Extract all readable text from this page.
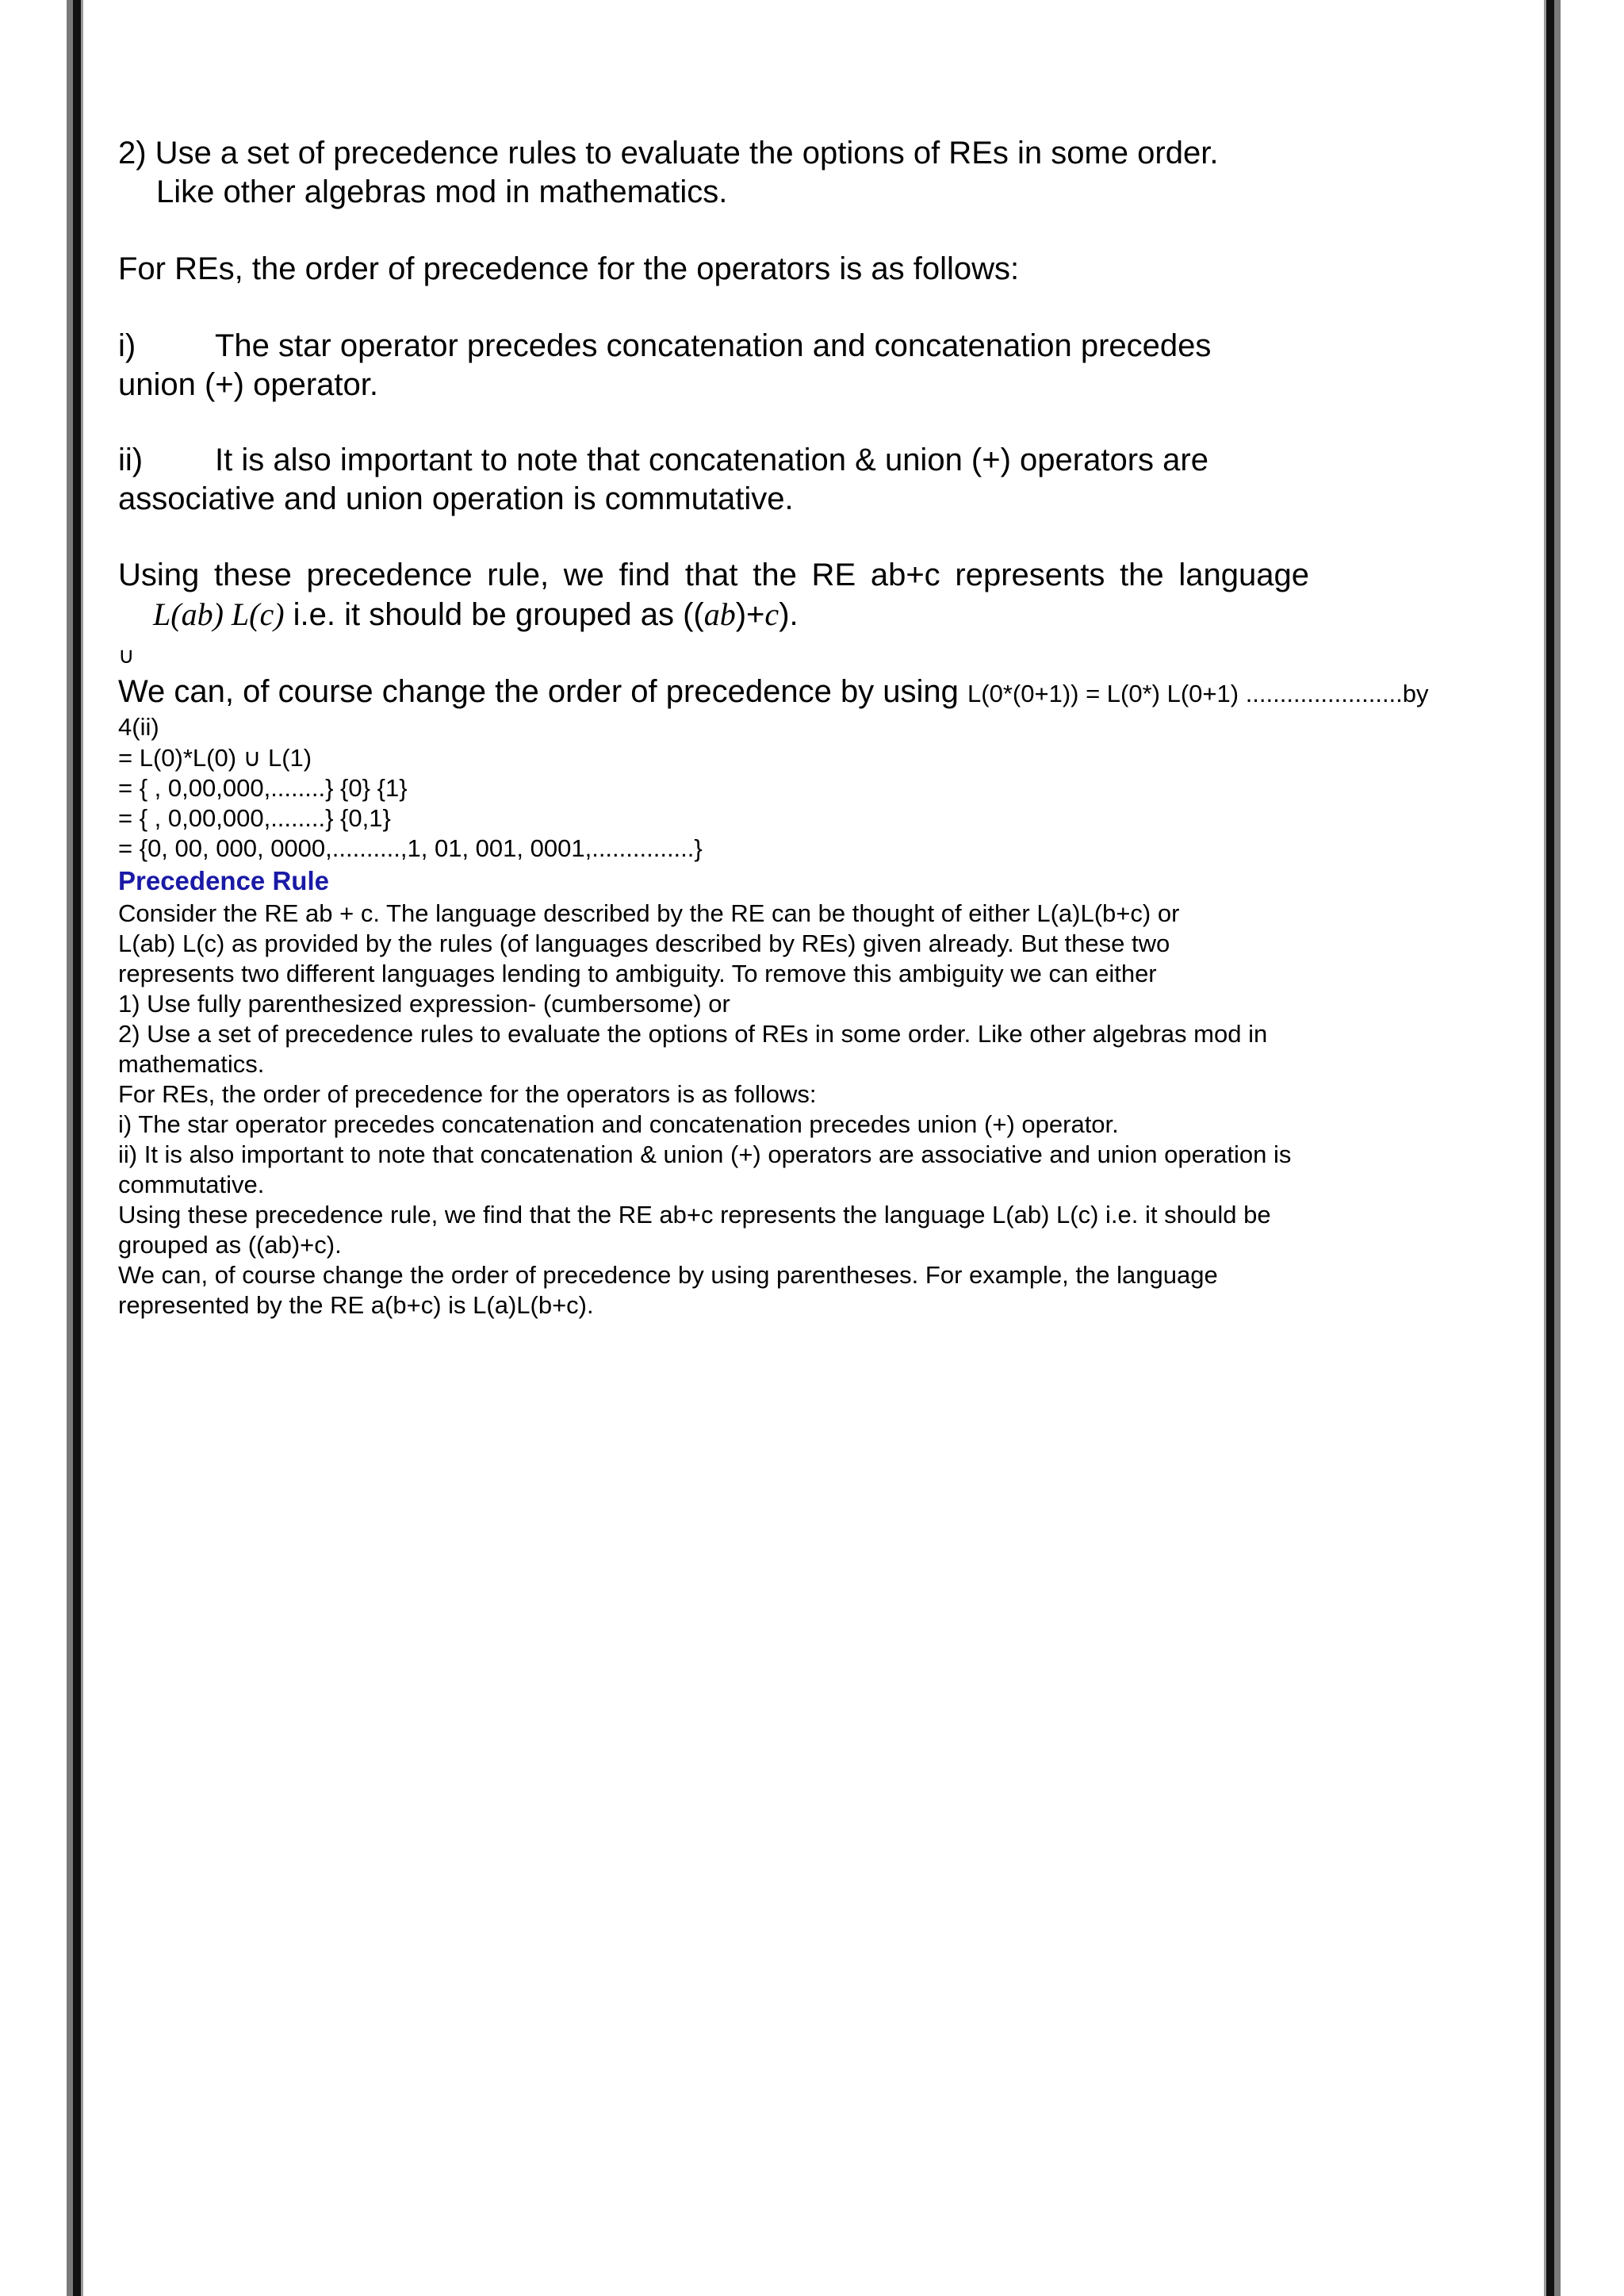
2) Use a set of precedence rules to evaluate the options of REs in some order.
Like other algebras mod in mathematics.
For REs, the order of precedence for the operators is as follows:
i) The star operator precedes concatenation and concatenation precedes
union (+) operator.
ii) It is also important to note that concatenation & union (+) operators are
associative and union operation is commutative.
Using these precedence rule, we find that the RE ab+c represents the language
L(ab) L(c) i.e. it should be grouped as ((ab)+c).
∪
We can, of course change the order of precedence by using L(0*(0+1)) = L(0*) L(0+1) .......................by
4(ii)
= L(0)*L(0) ∪ L(1)
= { , 0,00,000,........} {0} {1}
= { , 0,00,000,........} {0,1}
= {0, 00, 000, 0000,..........,1, 01, 001, 0001,...............}
Precedence Rule
Consider the RE ab + c. The language described by the RE can be thought of either L(a)L(b+c) or
L(ab) L(c) as provided by the rules (of languages described by REs) given already. But these two
represents two different languages lending to ambiguity. To remove this ambiguity we can either
1) Use fully parenthesized expression- (cumbersome) or
2) Use a set of precedence rules to evaluate the options of REs in some order. Like other algebras mod in
mathematics.
For REs, the order of precedence for the operators is as follows:
i) The star operator precedes concatenation and concatenation precedes union (+) operator.
ii) It is also important to note that concatenation & union (+) operators are associative and union operation is
commutative.
Using these precedence rule, we find that the RE ab+c represents the language L(ab) L(c) i.e. it should be
grouped as ((ab)+c).
We can, of course change the order of precedence by using parentheses. For example, the language
represented by the RE a(b+c) is L(a)L(b+c).
